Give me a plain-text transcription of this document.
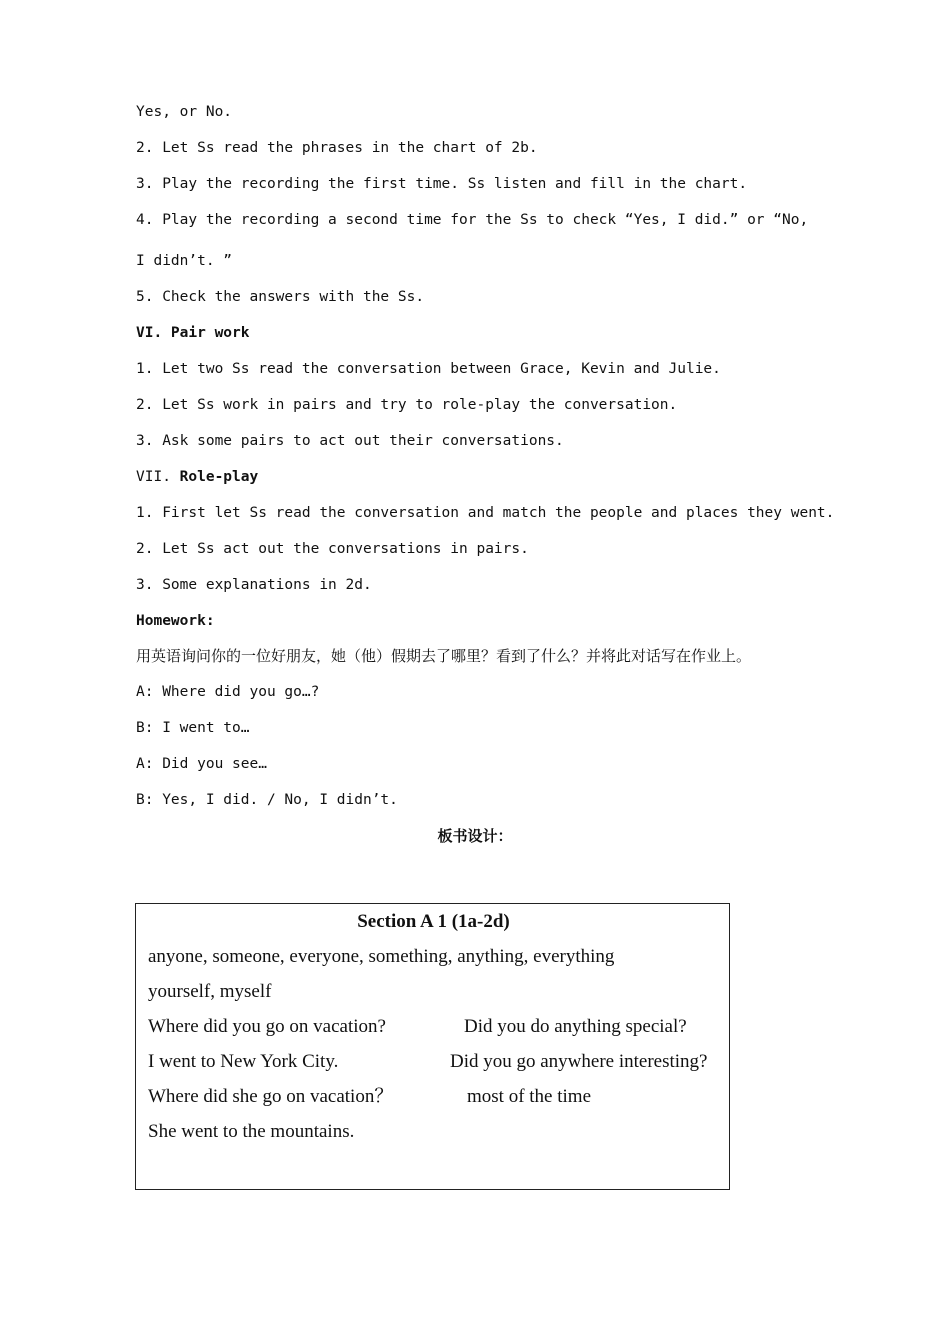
Yes, or No.
2. Let Ss read the phrases in the chart of 2b.
3. Play the recording the first time. Ss listen and fill in the chart.
4. Play the recording a second time for the Ss to check “Yes, I did.” or “No,
I didn’t. ”
5. Check the answers with the Ss.
VI. Pair work
1. Let two Ss read the conversation between Grace, Kevin and Julie.
2. Let Ss work in pairs and try to role-play the conversation.
3. Ask some pairs to act out their conversations.
VII. Role-play
1. First let Ss read the conversation and match the people and places they went.
2. Let Ss act out the conversations in pairs.
3. Some explanations in 2d.
Homework:
用英语询问你的一位好朋友，她（他）假期去了哪里？看到了什么？并将此对话写在作业上。
A: Where did you go…?
B: I went to…
A: Did you see…
B: Yes, I did. / No, I didn’t.
板书设计：
Section A 1 (1a-2d)
anyone, someone, everyone, something, anything, everything
yourself, myself
Where did you go on vacation?	Did you do anything special?
I went to New York City.	Did you go anywhere interesting?
Where did she go on vacation？	most of the time
She went to the mountains.
